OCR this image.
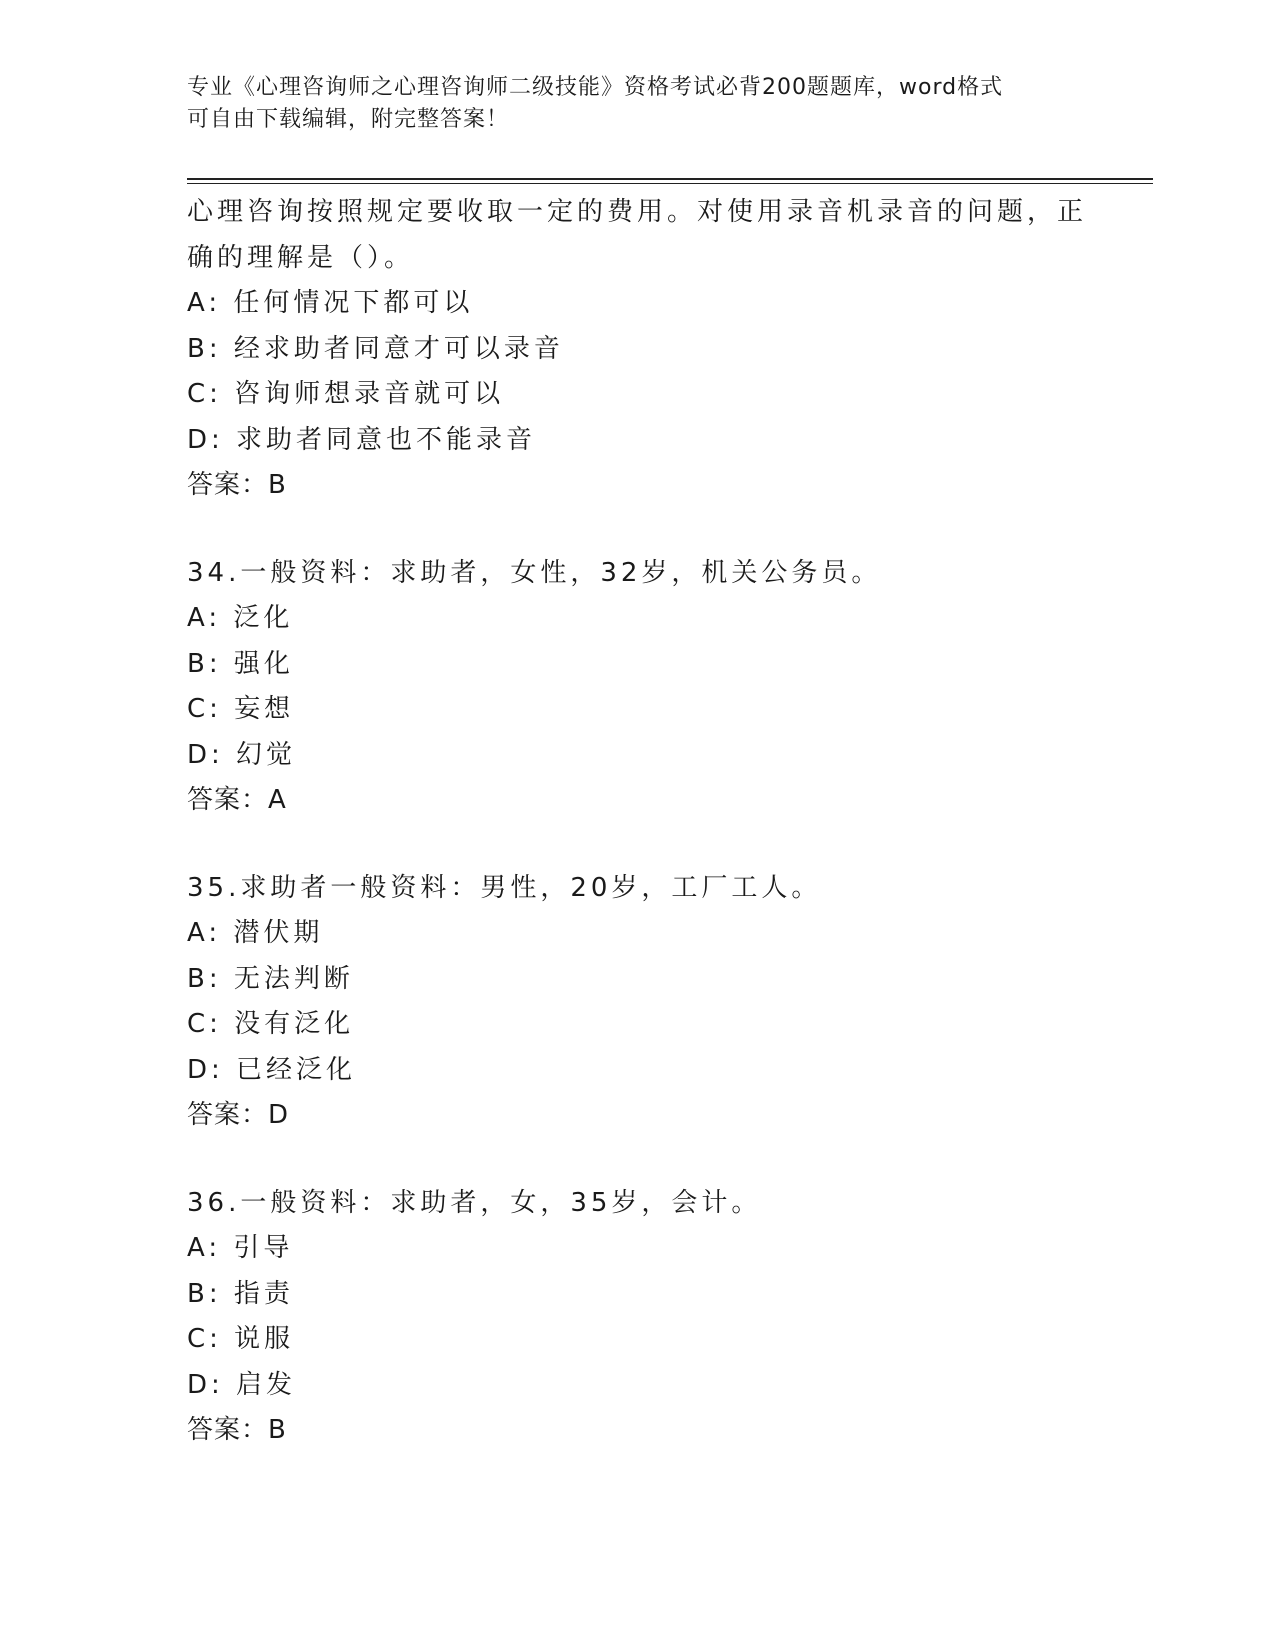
专业《心理咨询师之心理咨询师二级技能》资格考试必背200题题库，word格式
可自由下载编辑，附完整答案！
心理咨询按照规定要收取一定的费用。对使用录音机录音的问题，正
确的理解是（）。
A: 任何情况下都可以
B: 经求助者同意才可以录音
C: 咨询师想录音就可以
D: 求助者同意也不能录音
答案：B
34.一般资料：求助者，女性，32岁，机关公务员。
A: 泛化
B: 强化
C: 妄想
D: 幻觉
答案：A
35.求助者一般资料：男性，20岁，工厂工人。
A: 潜伏期
B: 无法判断
C: 没有泛化
D: 已经泛化
答案：D
36.一般资料：求助者，女，35岁，会计。
A: 引导
B: 指责
C: 说服
D: 启发
答案：B
